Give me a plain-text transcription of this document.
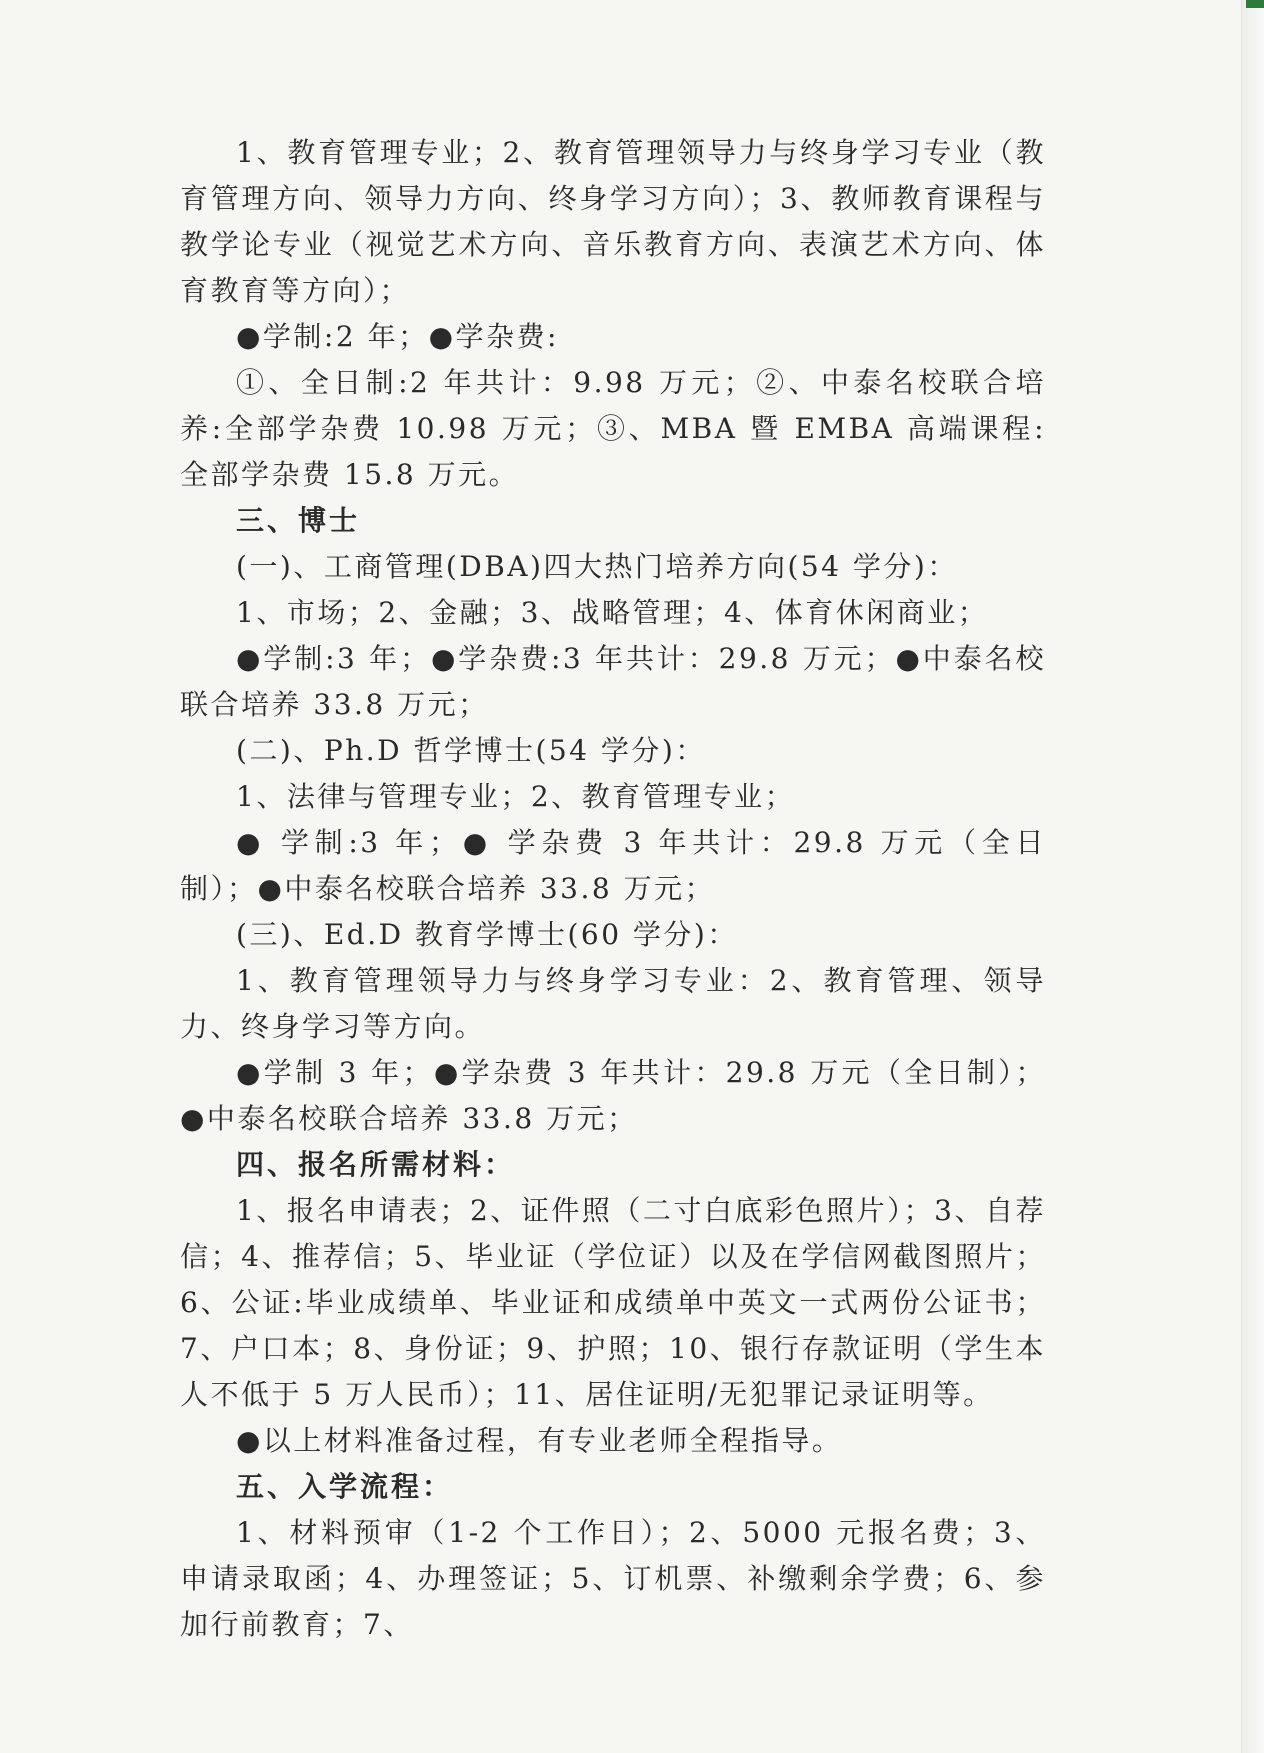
1、教育管理专业；2、教育管理领导力与终身学习专业（教育管理方向、领导力方向、终身学习方向）；3、教师教育课程与教学论专业（视觉艺术方向、音乐教育方向、表演艺术方向、体育教育等方向）；

●学制:2 年；●学杂费:

①、全日制:2 年共计：9.98 万元；②、中泰名校联合培养:全部学杂费 10.98 万元；③、MBA 暨 EMBA 高端课程:全部学杂费 15.8 万元。

三、博士

(一)、工商管理(DBA)四大热门培养方向(54 学分)：

1、市场；2、金融；3、战略管理；4、体育休闲商业；

●学制:3 年；●学杂费:3 年共计：29.8 万元；●中泰名校联合培养 33.8 万元；

(二)、Ph.D 哲学博士(54 学分)：

1、法律与管理专业；2、教育管理专业；

● 学制:3 年；● 学杂费 3 年共计：29.8 万元（全日制）；●中泰名校联合培养 33.8 万元；

(三)、Ed.D 教育学博士(60 学分)：

1、教育管理领导力与终身学习专业：2、教育管理、领导力、终身学习等方向。

●学制 3 年；●学杂费 3 年共计：29.8 万元（全日制）；●中泰名校联合培养 33.8 万元；

四、报名所需材料：

1、报名申请表；2、证件照（二寸白底彩色照片）；3、自荐信；4、推荐信；5、毕业证（学位证）以及在学信网截图照片；6、公证:毕业成绩单、毕业证和成绩单中英文一式两份公证书；7、户口本；8、身份证；9、护照；10、银行存款证明（学生本人不低于 5 万人民币）；11、居住证明/无犯罪记录证明等。

●以上材料准备过程，有专业老师全程指导。

五、入学流程：

1、材料预审（1-2 个工作日）；2、5000 元报名费；3、申请录取函；4、办理签证；5、订机票、补缴剩余学费；6、参加行前教育；7、
